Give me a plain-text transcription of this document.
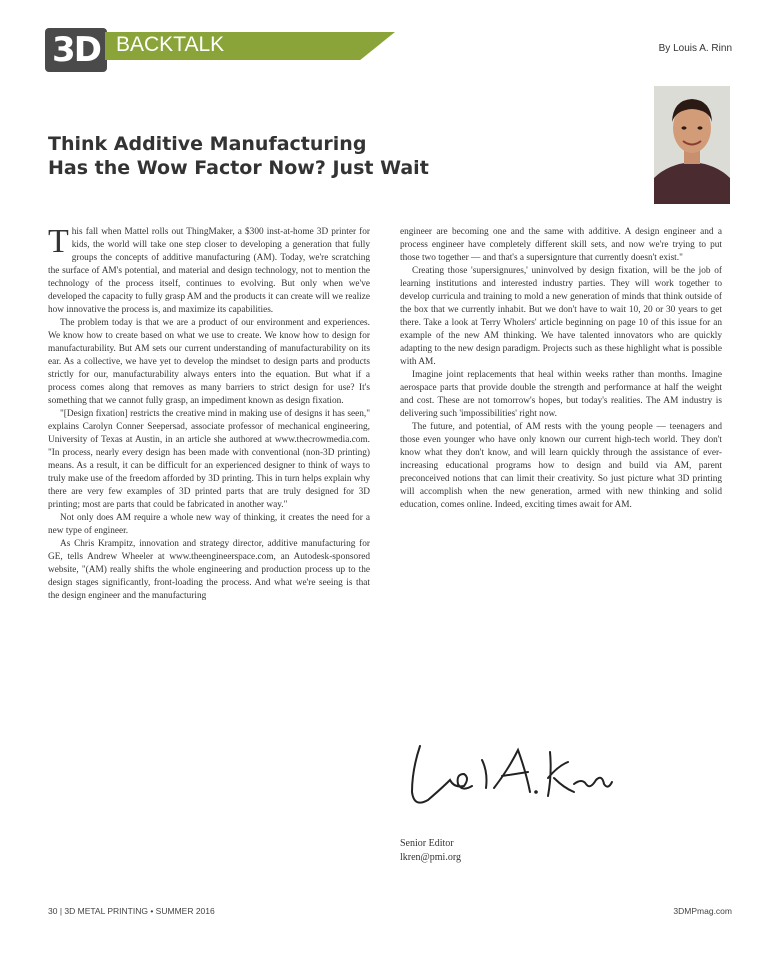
3D BACKTALK	By Louis A. Rinn
Think Additive Manufacturing
Has the Wow Factor Now? Just Wait

This fall when Mattel rolls out ThingMaker, a $300 inst-at-home 3D printer for kids, the world will take one step closer to developing a generation that fully groups the concepts of additive manufacturing (AM). Today, we're scratching the surface of AM's potential, and material and design technology, not to mention the technology of the process itself, continues to evolving. But only when we've developed the capacity to fully grasp AM and the products it can create will we realize how innovative the process is, and maximize its capabilities.

The problem today is that we are a product of our environment and experiences. We know how to create based on what we use to create. We know how to design for manufacturability. But AM sets our current understanding of manufacturability on its ear. As a collective, we have yet to develop the mindset to design parts and products strictly for our, manufacturability always enters into the equation. But what if a process comes along that removes as many barriers to strict design for use? It's something that we cannot fully grasp, an impediment known as design fixation.

"[Design fixation] restricts the creative mind in making use of designs it has seen," explains Carolyn Conner Seepersad, associate professor of mechanical engineering, University of Texas at Austin, in an article she authored at www.thecrowmedia.com. "In process, nearly every design has been made with conventional (non-3D printing) means. As a result, it can be difficult for an experienced designer to think of ways to truly make use of the freedom afforded by 3D printing. This in turn helps explain why there are very few examples of 3D printed parts that are truly designed for 3D printing; most are parts that could be fabricated in another way."

Not only does AM require a whole new way of thinking, it creates the need for a new type of engineer.

As Chris Krampitz, innovation and strategy director, additive manufacturing for GE, tells Andrew Wheeler at www.theengineerspace.com, an Autodesk-sponsored website, "(AM) really shifts the whole engineering and production process up to the design stages significantly, front-loading the process. And what we're seeing is that the design engineer and the manufacturing

engineer are becoming one and the same with additive. A design engineer and a process engineer have completely different skill sets, and now we're trying to put those two together — and that's a supersignture that currently doesn't exist."

Creating those 'supersignures,' uninvolved by design fixation, will be the job of learning institutions and interested industry parties. They will work together to develop curricula and training to mold a new generation of minds that think outside of the box that we currently inhabit. But we don't have to wait 10, 20 or 30 years to get there. Take a look at Terry Wholers' article beginning on page 10 of this issue for an example of the new AM thinking. We have talented innovators who are quickly adapting to the new design paradigm. Projects such as these highlight what is possible with AM.

Imagine joint replacements that heal within weeks rather than months. Imagine aerospace parts that provide double the strength and performance at half the weight and cost. These are not tomorrow's hopes, but today's realities. The AM industry is delivering such 'impossibilities' right now.

The future, and potential, of AM rests with the young people — teenagers and those even younger who have only known our current high-tech world. They don't know what they don't know, and will learn quickly through the assistance of ever-increasing educational programs how to design and build via AM, parent preconceived notions that can limit their creativity. So just picture what 3D printing will accomplish when the new generation, armed with new thinking and solid education, comes online. Indeed, exciting times await for AM.

Senior Editor
lkren@pmi.org
30 | 3D METAL PRINTING • SUMMER 2016	3DMPmag.com
